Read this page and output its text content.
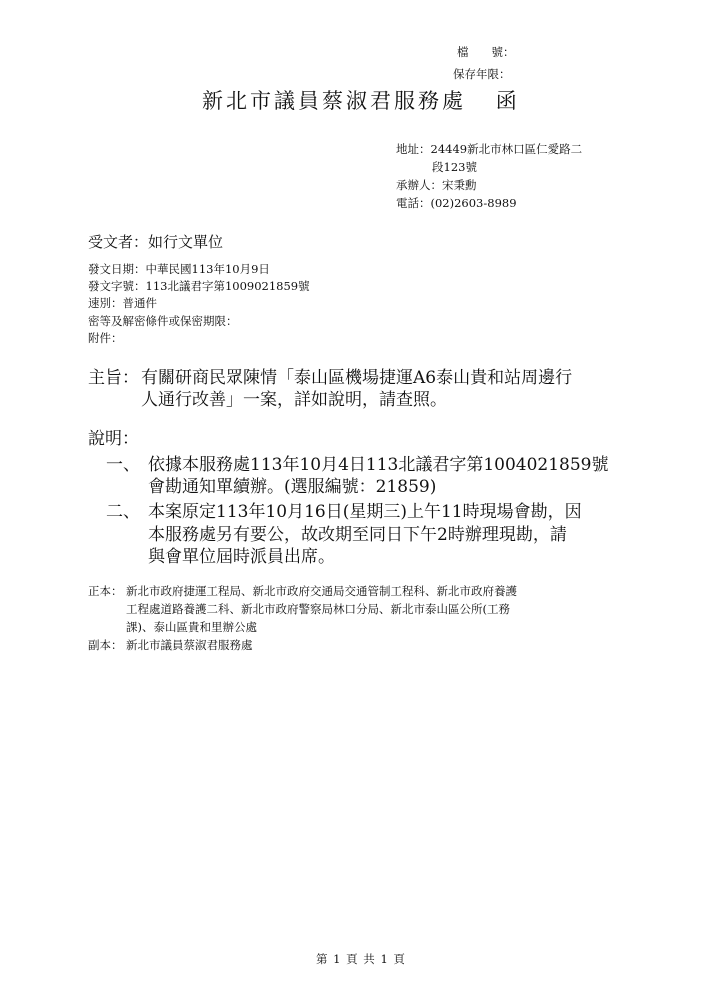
檔　　號：
保存年限：
新北市議員蔡淑君服務處 函
地址：24449新北市林口區仁愛路二
段123號
承辦人：宋秉勳
電話：(02)2603-8989
受文者：如行文單位
發文日期：中華民國113年10月9日
發文字號：113北議君字第1009021859號
速別：普通件
密等及解密條件或保密期限：
附件：
主旨： 有關研商民眾陳情「泰山區機場捷運A6泰山貴和站周邊行
人通行改善」一案，詳如說明，請查照。
說明：
一、 依據本服務處113年10月4日113北議君字第1004021859號
會勘通知單續辦。(選服編號：21859)
二、 本案原定113年10月16日(星期三)上午11時現場會勘，因
本服務處另有要公，故改期至同日下午2時辦理現勘，請
與會單位屆時派員出席。
正本： 新北市政府捷運工程局、新北市政府交通局交通管制工程科、新北市政府養護
工程處道路養護二科、新北市政府警察局林口分局、新北市泰山區公所(工務
課)、泰山區貴和里辦公處
副本： 新北市議員蔡淑君服務處
第 1 頁 共 1 頁
